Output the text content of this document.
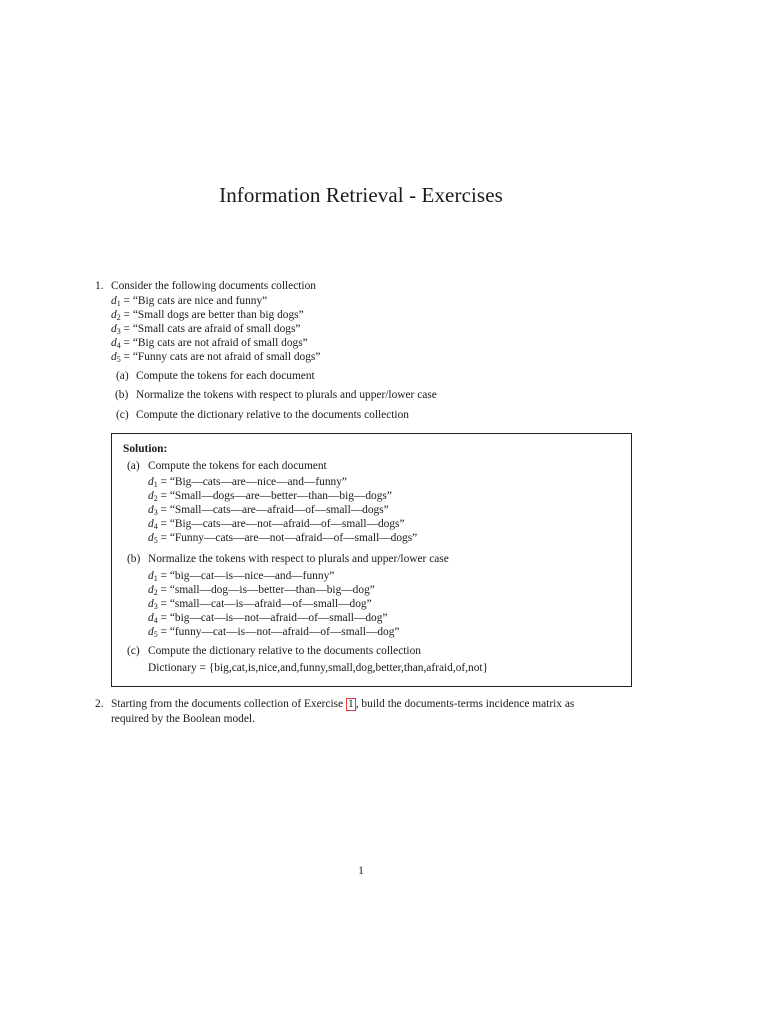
Information Retrieval - Exercises
1. Consider the following documents collection
$d_1$ = “Big cats are nice and funny”
$d_2$ = “Small dogs are better than big dogs”
$d_3$ = “Small cats are afraid of small dogs”
$d_4$ = “Big cats are not afraid of small dogs”
$d_5$ = “Funny cats are not afraid of small dogs”
(a) Compute the tokens for each document
(b) Normalize the tokens with respect to plurals and upper/lower case
(c) Compute the dictionary relative to the documents collection
Solution:
(a) Compute the tokens for each document
$d_1$ = “Big—cats—are—nice—and—funny”
$d_2$ = “Small—dogs—are—better—than—big—dogs”
$d_3$ = “Small—cats—are—afraid—of—small—dogs”
$d_4$ = “Big—cats—are—not—afraid—of—small—dogs”
$d_5$ = “Funny—cats—are—not—afraid—of—small—dogs”
(b) Normalize the tokens with respect to plurals and upper/lower case
$d_1$ = “big—cat—is—nice—and—funny”
$d_2$ = “small—dog—is—better—than—big—dog”
$d_3$ = “small—cat—is—afraid—of—small—dog”
$d_4$ = “big—cat—is—not—afraid—of—small—dog”
$d_5$ = “funny—cat—is—not—afraid—of—small—dog”
(c) Compute the dictionary relative to the documents collection
Dictionary = {big,cat,is,nice,and,funny,small,dog,better,than,afraid,of,not}
2. Starting from the documents collection of Exercise 1 , build the documents-terms incidence matrix as
required by the Boolean model.
1
